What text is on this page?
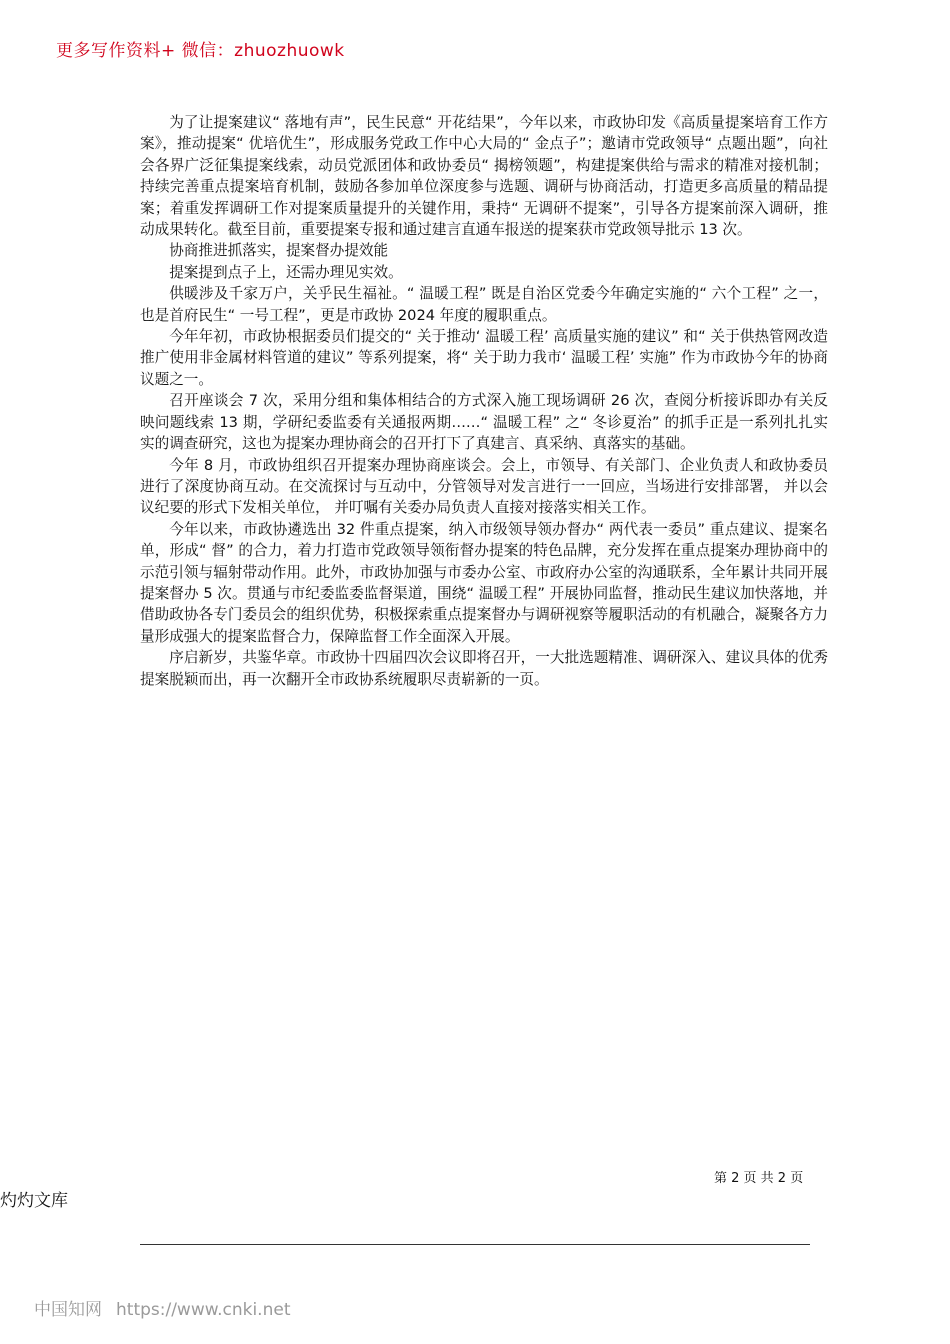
更多写作资料+ 微信：zhuozhuowk

为了让提案建议“ 落地有声”，民生民意“ 开花结果”，今年以来，市政协印发《高质量提案培育工作方案》，推动提案“ 优培优生”，形成服务党政工作中心大局的“ 金点子”；邀请市党政领导“ 点题出题”，向社会各界广泛征集提案线索，动员党派团体和政协委员“ 揭榜领题”，构建提案供给与需求的精准对接机制；持续完善重点提案培育机制，鼓励各参加单位深度参与选题、调研与协商活动，打造更多高质量的精品提案；着重发挥调研工作对提案质量提升的关键作用，秉持“ 无调研不提案”，引导各方提案前深入调研，推动成果转化。截至目前，重要提案专报和通过建言直通车报送的提案获市党政领导批示 13 次。

协商推进抓落实，提案督办提效能

提案提到点子上，还需办理见实效。

供暖涉及千家万户，关乎民生福祉。“ 温暖工程” 既是自治区党委今年确定实施的“ 六个工程” 之一，也是首府民生“ 一号工程”，更是市政协 2024 年度的履职重点。

今年年初，市政协根据委员们提交的“ 关于推动‘ 温暖工程’ 高质量实施的建议” 和“ 关于供热管网改造推广使用非金属材料管道的建议” 等系列提案，将“ 关于助力我市‘ 温暖工程’ 实施” 作为市政协今年的协商议题之一。

召开座谈会 7 次，采用分组和集体相结合的方式深入施工现场调研 26 次，查阅分析接诉即办有关反映问题线索 13 期，学研纪委监委有关通报两期……“ 温暖工程” 之“ 冬诊夏治” 的抓手正是一系列扎扎实实的调查研究，这也为提案办理协商会的召开打下了真建言、真采纳、真落实的基础。

今年 8 月，市政协组织召开提案办理协商座谈会。会上，市领导、有关部门、企业负责人和政协委员进行了深度协商互动。在交流探讨与互动中，分管领导对发言进行一一回应，当场进行安排部署， 并以会议纪要的形式下发相关单位， 并叮嘱有关委办局负责人直接对接落实相关工作。

今年以来，市政协遴选出 32 件重点提案，纳入市级领导领办督办“ 两代表一委员” 重点建议、提案名单，形成“ 督” 的合力，着力打造市党政领导领衔督办提案的特色品牌，充分发挥在重点提案办理协商中的示范引领与辐射带动作用。此外，市政协加强与市委办公室、市政府办公室的沟通联系，全年累计共同开展提案督办 5 次。贯通与市纪委监委监督渠道，围绕“ 温暖工程” 开展协同监督，推动民生建议加快落地，并借助政协各专门委员会的组织优势，积极探索重点提案督办与调研视察等履职活动的有机融合，凝聚各方力量形成强大的提案监督合力，保障监督工作全面深入开展。

序启新岁，共鉴华章。市政协十四届四次会议即将召开，一大批选题精准、调研深入、建议具体的优秀提案脱颖而出，再一次翻开全市政协系统履职尽责崭新的一页。

第 2 页 共 2 页
灼灼文库
中国知网 https://www.cnki.net
